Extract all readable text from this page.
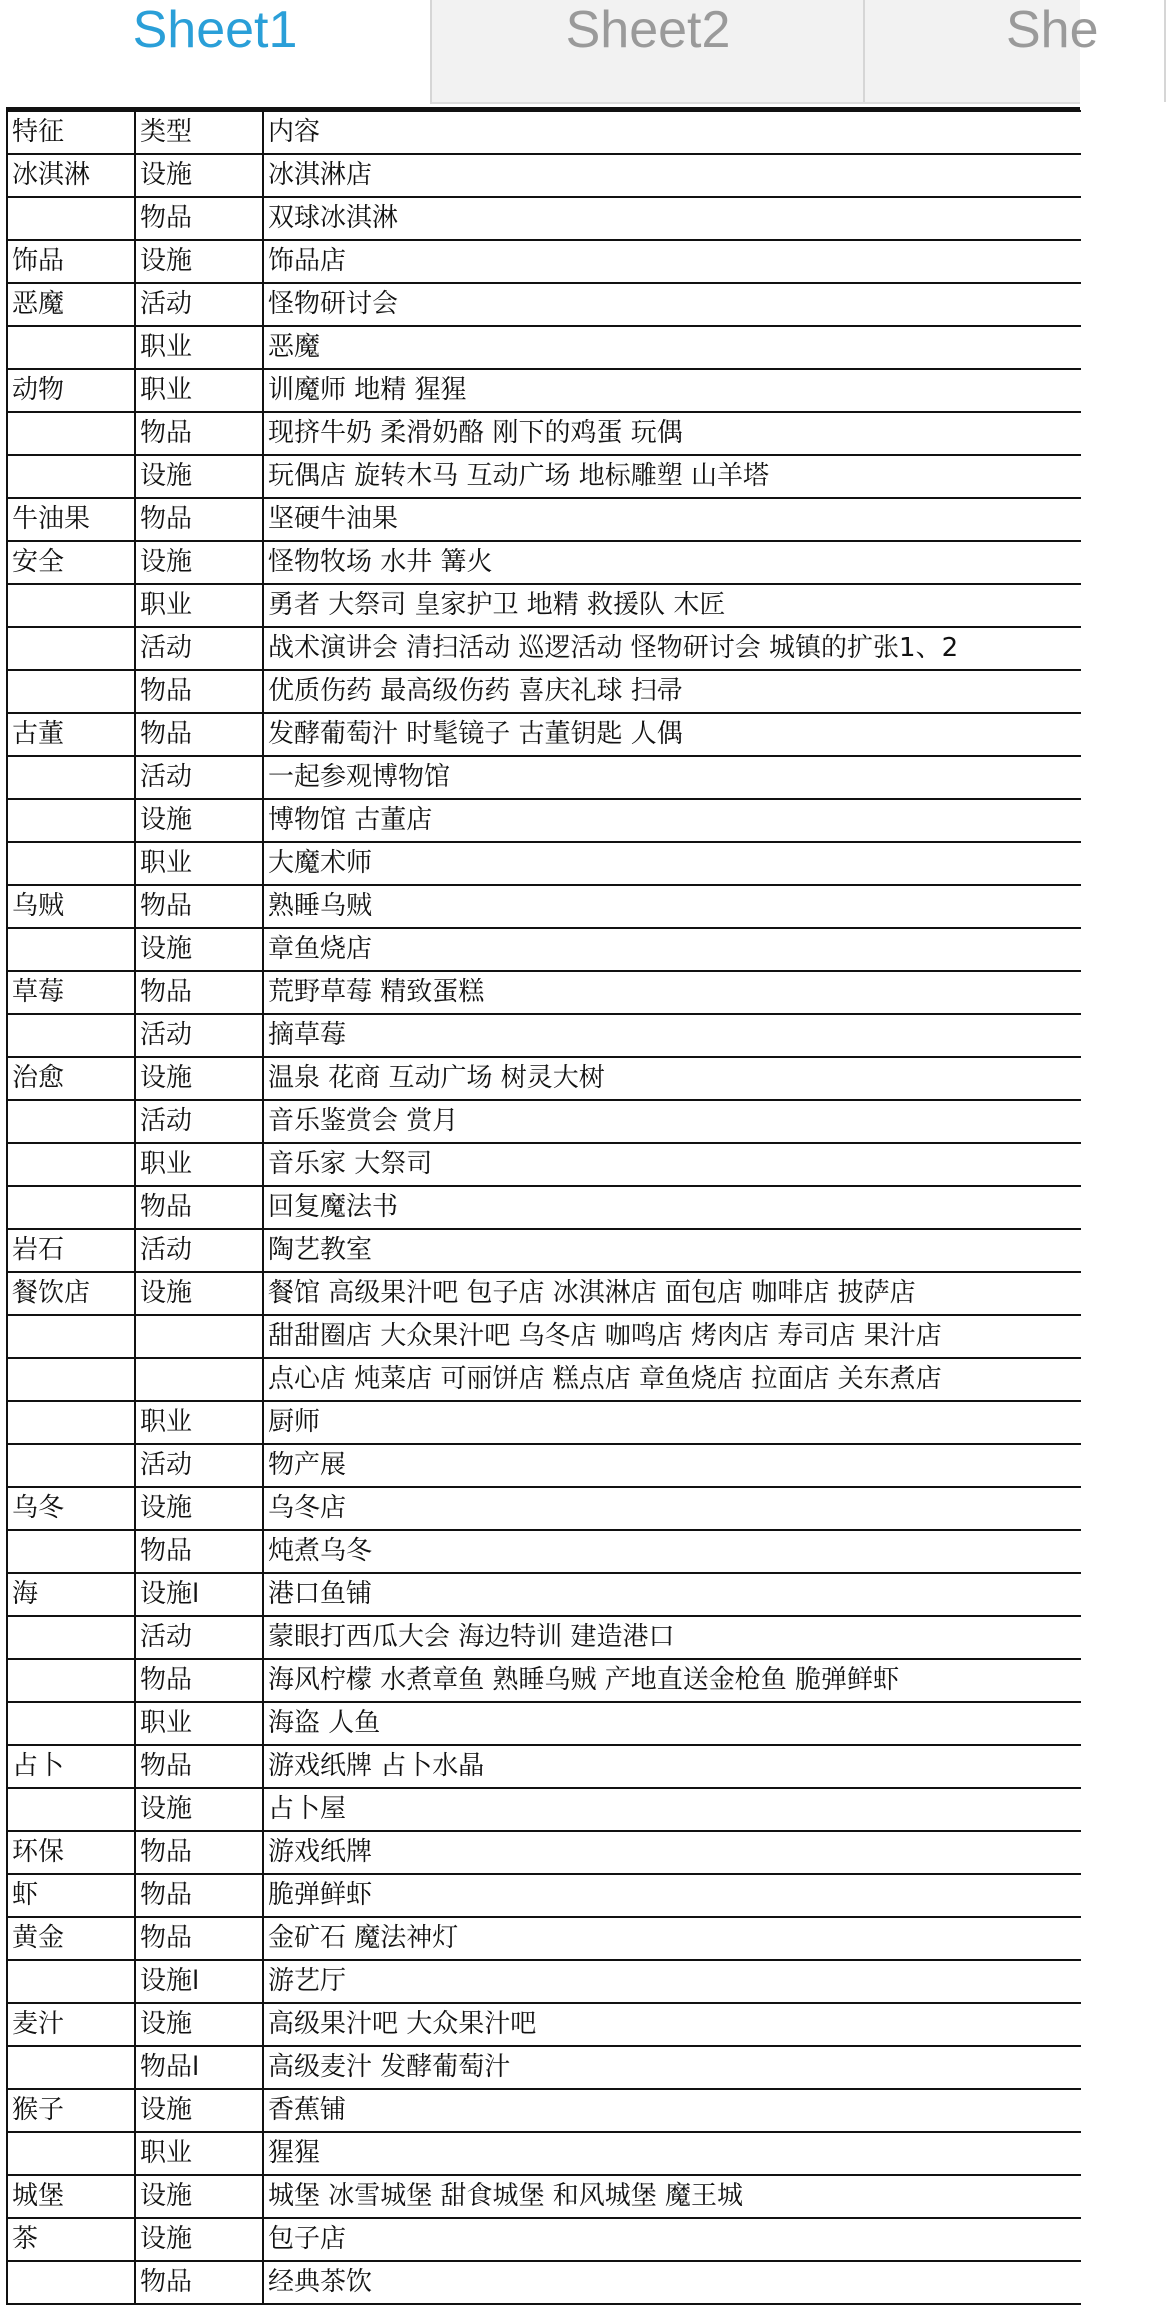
Sheet1	Sheet2	She
特征	类型	内容
冰淇淋	设施	冰淇淋店
	物品	双球冰淇淋
饰品	设施	饰品店
恶魔	活动	怪物研讨会
	职业	恶魔
动物	职业	训魔师 地精 猩猩
	物品	现挤牛奶 柔滑奶酪 刚下的鸡蛋 玩偶
	设施	玩偶店 旋转木马 互动广场 地标雕塑 山羊塔
牛油果	物品	坚硬牛油果
安全	设施	怪物牧场 水井 篝火
	职业	勇者 大祭司 皇家护卫 地精 救援队 木匠
	活动	战术演讲会 清扫活动 巡逻活动 怪物研讨会 城镇的扩张1、2
	物品	优质伤药 最高级伤药 喜庆礼球 扫帚
古董	物品	发酵葡萄汁 时髦镜子 古董钥匙 人偶
	活动	一起参观博物馆
	设施	博物馆 古董店
	职业	大魔术师
乌贼	物品	熟睡乌贼
	设施	章鱼烧店
草莓	物品	荒野草莓 精致蛋糕
	活动	摘草莓
治愈	设施	温泉 花商 互动广场 树灵大树
	活动	音乐鉴赏会 赏月
	职业	音乐家 大祭司
	物品	回复魔法书
岩石	活动	陶艺教室
餐饮店	设施	餐馆 高级果汁吧 包子店 冰淇淋店 面包店 咖啡店 披萨店
		甜甜圈店 大众果汁吧 乌冬店 咖鸣店 烤肉店 寿司店 果汁店
		点心店 炖菜店 可丽饼店 糕点店 章鱼烧店 拉面店 关东煮店
	职业	厨师
	活动	物产展
乌冬	设施	乌冬店
	物品	炖煮乌冬
海	设施l	港口鱼铺
	活动	蒙眼打西瓜大会 海边特训 建造港口
	物品	海风柠檬 水煮章鱼 熟睡乌贼 产地直送金枪鱼 脆弹鲜虾
	职业	海盗 人鱼
占卜	物品	游戏纸牌 占卜水晶
	设施	占卜屋
环保	物品	游戏纸牌
虾	物品	脆弹鲜虾
黄金	物品	金矿石 魔法神灯
	设施l	游艺厅
麦汁	设施	高级果汁吧 大众果汁吧
	物品l	高级麦汁 发酵葡萄汁
猴子	设施	香蕉铺
	职业	猩猩
城堡	设施	城堡 冰雪城堡 甜食城堡 和风城堡 魔王城
茶	设施	包子店
	物品	经典茶饮
